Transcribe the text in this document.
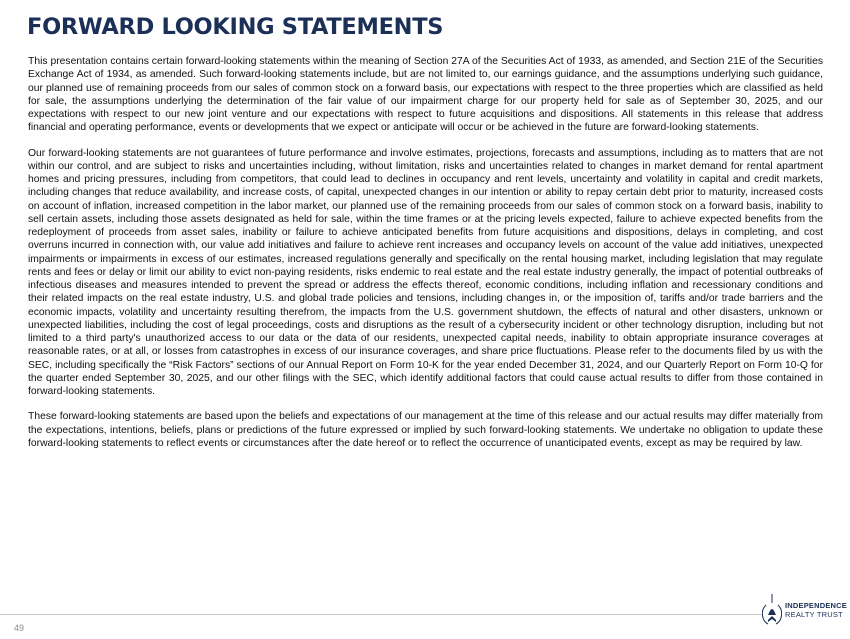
FORWARD LOOKING STATEMENTS

This presentation contains certain forward-looking statements within the meaning of Section 27A of the Securities Act of 1933, as amended, and Section 21E of the Securities Exchange Act of 1934, as amended. Such forward-looking statements include, but are not limited to, our earnings guidance, and the assumptions underlying such guidance, our planned use of remaining proceeds from our sales of common stock on a forward basis, our expectations with respect to the three properties which are classified as held for sale, the assumptions underlying the determination of the fair value of our impairment charge for our property held for sale as of September 30, 2025, and our expectations with respect to our new joint venture and our expectations with respect to future acquisitions and dispositions. All statements in this release that address financial and operating performance, events or developments that we expect or anticipate will occur or be achieved in the future are forward-looking statements.

Our forward-looking statements are not guarantees of future performance and involve estimates, projections, forecasts and assumptions, including as to matters that are not within our control, and are subject to risks and uncertainties including, without limitation, risks and uncertainties related to changes in market demand for rental apartment homes and pricing pressures, including from competitors, that could lead to declines in occupancy and rent levels, uncertainty and volatility in capital and credit markets, including changes that reduce availability, and increase costs, of capital, unexpected changes in our intention or ability to repay certain debt prior to maturity, increased costs on account of inflation, increased competition in the labor market, our planned use of the remaining proceeds from our sales of common stock on a forward basis, inability to sell certain assets, including those assets designated as held for sale, within the time frames or at the pricing levels expected, failure to achieve expected benefits from the redeployment of proceeds from asset sales, inability or failure to achieve anticipated benefits from future acquisitions and dispositions, delays in completing, and cost overruns incurred in connection with, our value add initiatives and failure to achieve rent increases and occupancy levels on account of the value add initiatives, unexpected impairments or impairments in excess of our estimates, increased regulations generally and specifically on the rental housing market, including legislation that may regulate rents and fees or delay or limit our ability to evict non-paying residents, risks endemic to real estate and the real estate industry generally, the impact of potential outbreaks of infectious diseases and measures intended to prevent the spread or address the effects thereof, economic conditions, including inflation and recessionary conditions and their related impacts on the real estate industry, U.S. and global trade policies and tensions, including changes in, or the imposition of, tariffs and/or trade barriers and the economic impacts, volatility and uncertainty resulting therefrom, the impacts from the U.S. government shutdown, the effects of natural and other disasters, unknown or unexpected liabilities, including the cost of legal proceedings, costs and disruptions as the result of a cybersecurity incident or other technology disruption, including but not limited to a third party's unauthorized access to our data or the data of our residents, unexpected capital needs, inability to obtain appropriate insurance coverages at reasonable rates, or at all, or losses from catastrophes in excess of our insurance coverages, and share price fluctuations. Please refer to the documents filed by us with the SEC, including specifically the “Risk Factors” sections of our Annual Report on Form 10-K for the year ended December 31, 2024, and our Quarterly Report on Form 10-Q for the quarter ended September 30, 2025, and our other filings with the SEC, which identify additional factors that could cause actual results to differ from those contained in forward-looking statements.

These forward-looking statements are based upon the beliefs and expectations of our management at the time of this release and our actual results may differ materially from the expectations, intentions, beliefs, plans or predictions of the future expressed or implied by such forward-looking statements. We undertake no obligation to update these forward-looking statements to reflect events or circumstances after the date hereof or to reflect the occurrence of unanticipated events, except as may be required by law.

49
INDEPENDENCE
REALTY TRUST
